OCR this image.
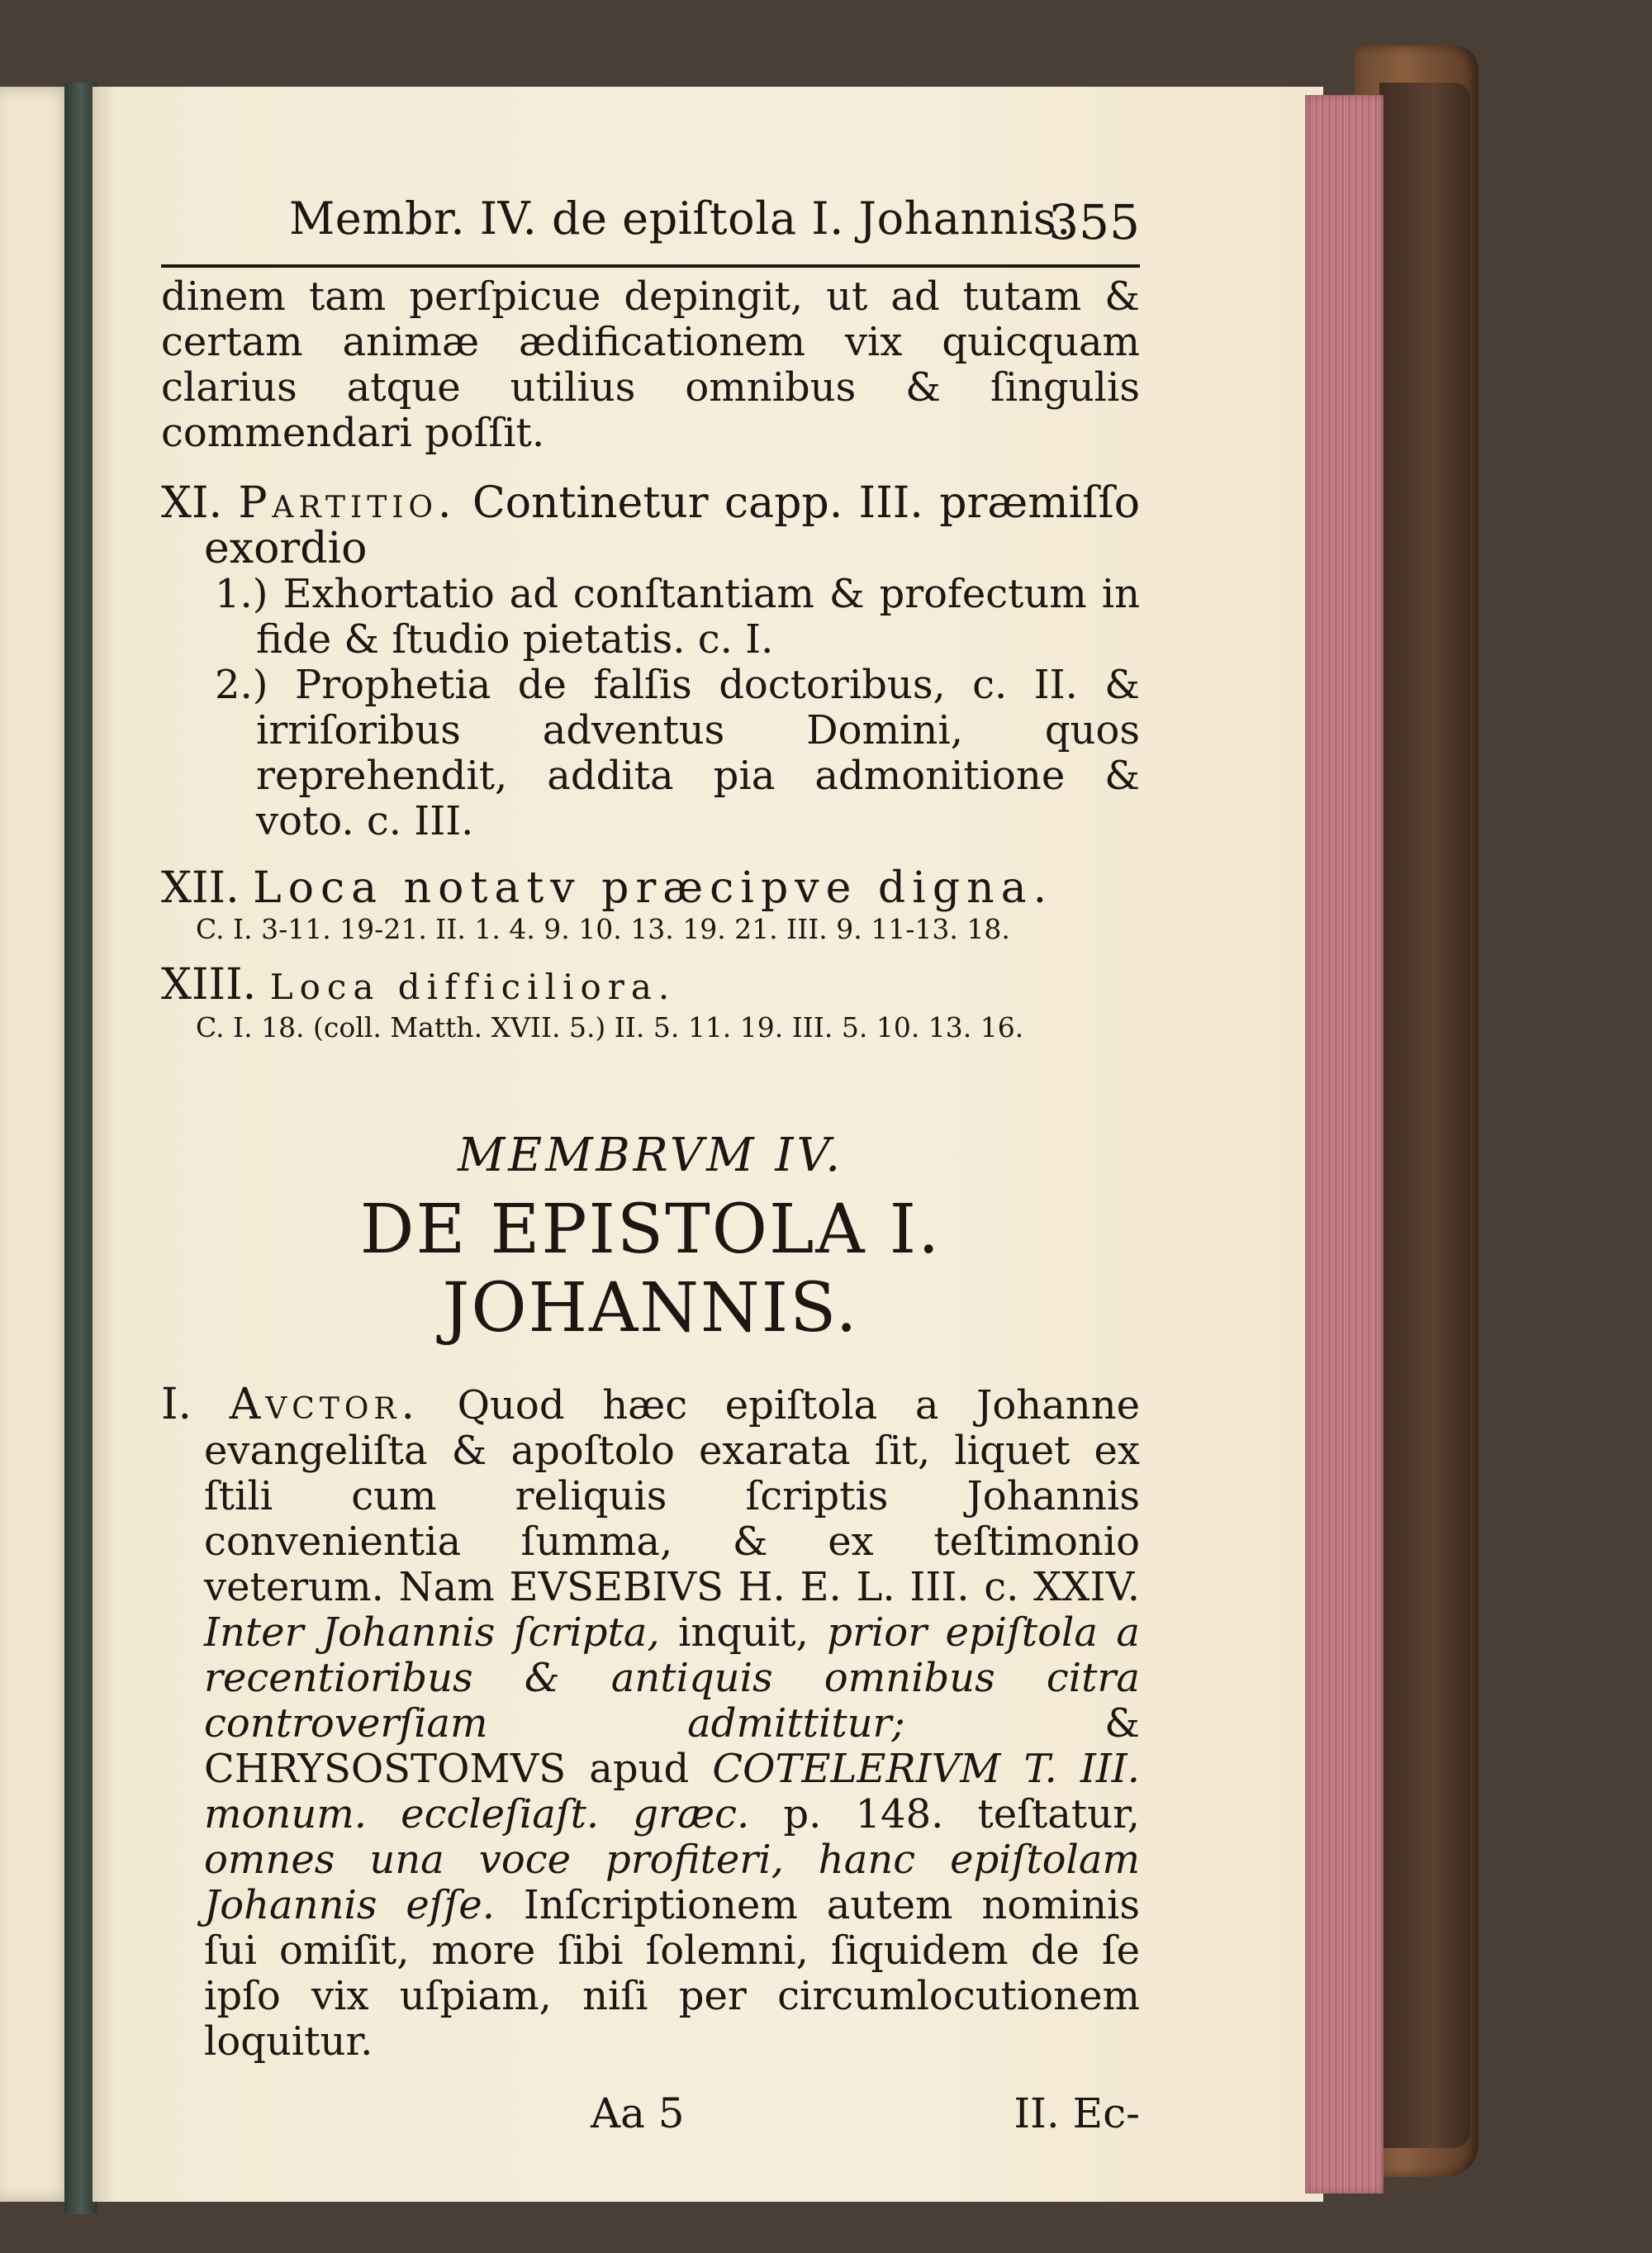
Membr. IV. de epiſtola I. Johannis.
355

dinem tam perſpicue depingit, ut ad tutam & certam animæ ædificationem vix quicquam clarius atque utilius omnibus & ſingulis commendari poſſit.

XI. Partitio. Continetur capp. III. præmiſſo exordio

1.) Exhortatio ad conſtantiam & profectum in fide & ſtudio pietatis. c. I.

2.) Prophetia de falſis doctoribus, c. II. & irriſoribus adventus Domini, quos reprehendit, addita pia admonitione & voto. c. III.

XII. Loca notatv præcipve digna.

C. I. 3-11. 19-21. II. 1. 4. 9. 10. 13. 19. 21. III. 9. 11-13. 18.

XIII. Loca difficiliora.

C. I. 18. (coll. Matth. XVII. 5.) II. 5. 11. 19. III. 5. 10. 13. 16.

MEMBRVM IV.

DE EPISTOLA I. JOHANNIS.

I. Avctor. Quod hæc epiſtola a Johanne evangeliſta & apoſtolo exarata ſit, liquet ex ſtili cum reliquis ſcriptis Johannis convenientia ſumma, & ex teſtimonio veterum. Nam EVSEBIVS H. E. L. III. c. XXIV. Inter Johannis ſcripta, inquit, prior epiſtola a recentioribus & antiquis omnibus citra controverſiam admittitur;	& CHRYSOSTOMVS apud COTELERIVM T. III. monum. eccleſiaſt. græc. p. 148. teſtatur, omnes una voce profiteri, hanc epiſtolam Johannis eſſe. Inſcriptionem autem nominis ſui omiſit, more ſibi ſolemni, ſiquidem de ſe ipſo vix uſpiam, niſi per circumlocutionem loquitur.
Aa 5	II. Ec-
